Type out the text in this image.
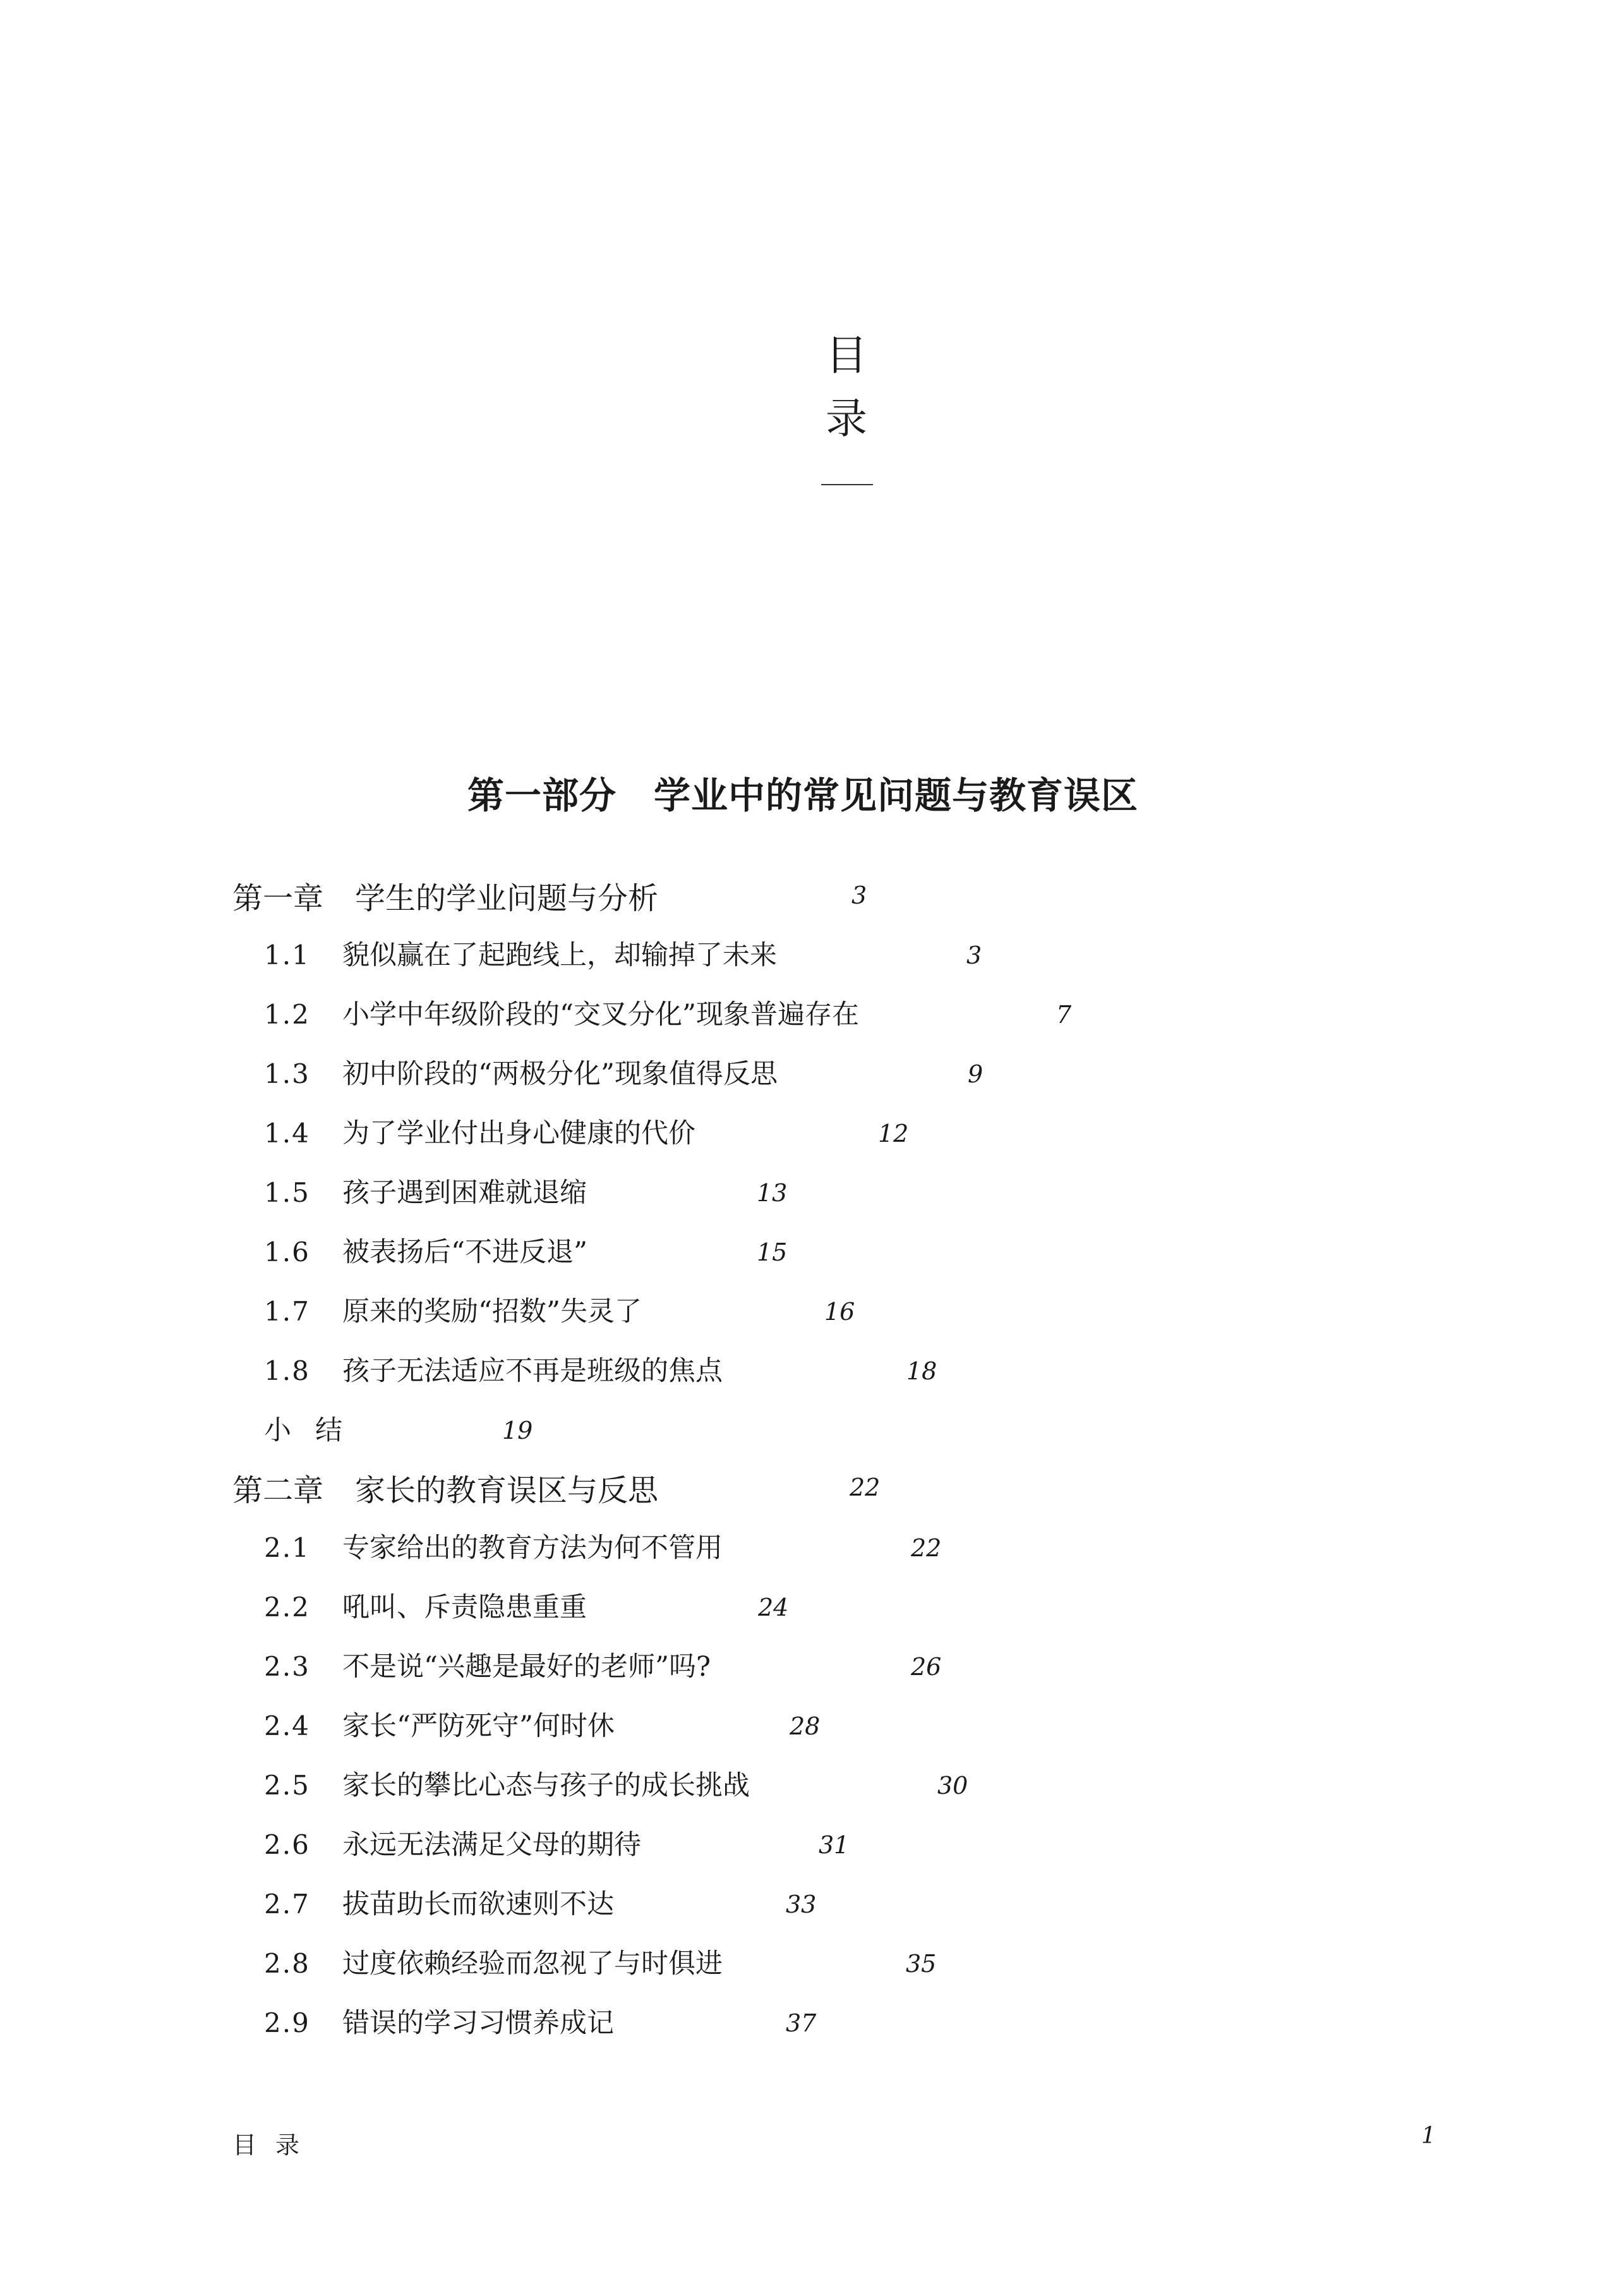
目
录
第一部分　学业中的常见问题与教育误区
第一章 学生的学业问题与分析	3
1.1 貌似赢在了起跑线上，却输掉了未来	3
1.2 小学中年级阶段的“交叉分化”现象普遍存在	7
1.3 初中阶段的“两极分化”现象值得反思	9
1.4 为了学业付出身心健康的代价	12
1.5 孩子遇到困难就退缩	13
1.6 被表扬后“不进反退”	15
1.7 原来的奖励“招数”失灵了	16
1.8 孩子无法适应不再是班级的焦点	18
小结	19
第二章 家长的教育误区与反思	22
2.1 专家给出的教育方法为何不管用	22
2.2 吼叫、斥责隐患重重	24
2.3 不是说“兴趣是最好的老师”吗?	26
2.4 家长“严防死守”何时休	28
2.5 家长的攀比心态与孩子的成长挑战	30
2.6 永远无法满足父母的期待	31
2.7 拔苗助长而欲速则不达	33
2.8 过度依赖经验而忽视了与时俱进	35
2.9 错误的学习习惯养成记	37
目录	1
